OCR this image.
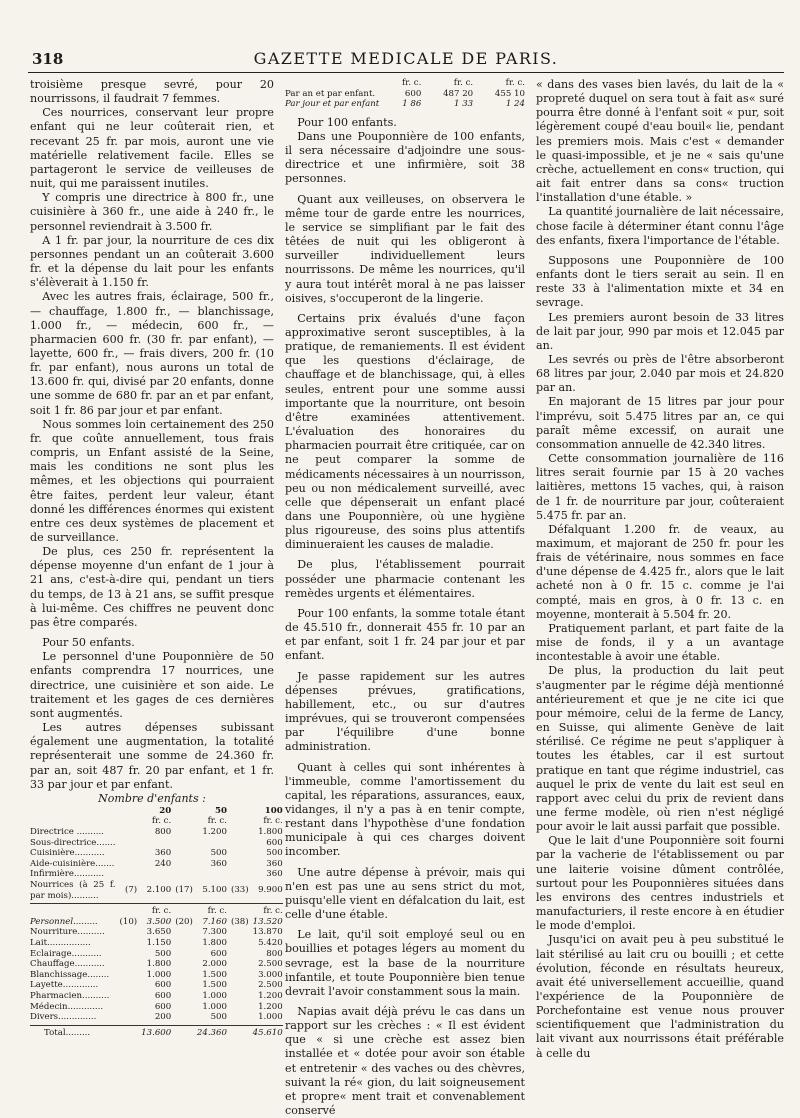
318	GAZETTE MEDICALE DE PARIS.

troisième presque sevré, pour 20 nourrissons, il faudrait 7 femmes.

Ces nourrices, conservant leur propre enfant qui ne leur coûterait rien, et recevant 25 fr. par mois, auront une vie matérielle relativement facile. Elles se partageront le service de veilleuses de nuit, qui me paraissent inutiles.

Y compris une directrice à 800 fr., une cuisinière à 360 fr., une aide à 240 fr., le personnel reviendrait à 3.500 fr.

A 1 fr. par jour, la nourriture de ces dix personnes pendant un an coûterait 3.600 fr. et la dépense du lait pour les enfants s'élèverait à 1.150 fr.

Avec les autres frais, éclairage, 500 fr., — chauffage, 1.800 fr., — blanchissage, 1.000 fr., — médecin, 600 fr., — pharmacien 600 fr. (30 fr. par enfant), — layette, 600 fr., — frais divers, 200 fr. (10 fr. par enfant), nous aurons un total de 13.600 fr. qui, divisé par 20 enfants, donne une somme de 680 fr. par an et par enfant, soit 1 fr. 86 par jour et par enfant.

Nous sommes loin certainement des 250 fr. que coûte annuellement, tous frais compris, un Enfant assisté de la Seine, mais les conditions ne sont plus les mêmes, et les objections qui pourraient être faites, perdent leur valeur, étant donné les différences énormes qui existent entre ces deux systèmes de placement et de surveillance.

De plus, ces 250 fr. représentent la dépense moyenne d'un enfant de 1 jour à 21 ans, c'est-à-dire qui, pendant un tiers du temps, de 13 à 21 ans, se suffit presque à lui-même. Ces chiffres ne peuvent donc pas être comparés.

Pour 50 enfants.

Le personnel d'une Pouponnière de 50 enfants comprendra 17 nourrices, une directrice, une cuisinière et son aide. Le traitement et les gages de ces dernières sont augmentés.

Les autres dépenses subissant également une augmentation, la totalité représenterait une somme de 24.360 fr. par an, soit 487 fr. 20 par enfant, et 1 fr. 33 par jour et par enfant.

Nombre d'enfants :
		20		50		100
		fr. c.		fr. c.		fr. c.
Directrice ..........		800		1.200		1.800
Sous-directrice.......						600
Cuisinière...........		360		500		500
Aide-cuisinière.......		240		360		360
Infirmière...........						360
Nourrices (à 25 f. par mois)..........	(7)	2.100	(17)	5.100	(33)	9.900

		fr. c.		fr. c.		fr. c.
Personnel.........	(10)	3.500	(20)	7.160	(38)	13.520
Nourriture..........		3.650		7.300		13.870
Lait................		1.150		1.800		5.420
Eclairage...........		500		600		800
Chauffage...........		1.800		2.000		2.500
Blanchissage........		1.000		1.500		3.000
Layette.............		600		1.500		2.500
Pharmacien..........		600		1.000		1.200
Médecin.............		600		1.000		1.200
Divers..............		200		500		1.000

Total.........		13.600		24.360		45.610
	fr. c.	fr. c.	fr. c.
Par an et par enfant.	600	487 20	455 10
Par jour et par enfant	1 86	1 33	1 24

Pour 100 enfants.

Dans une Pouponnière de 100 enfants, il sera nécessaire d'adjoindre une sous-directrice et une infirmière, soit 38 personnes.

Quant aux veilleuses, on observera le même tour de garde entre les nourrices, le service se simplifiant par le fait des têtées de nuit qui les obligeront à surveiller individuellement leurs nourrissons. De même les nourrices, qu'il y aura tout intérêt moral à ne pas laisser oisives, s'occuperont de la lingerie.

Certains prix évalués d'une façon approximative seront susceptibles, à la pratique, de remaniements. Il est évident que les questions d'éclairage, de chauffage et de blanchissage, qui, à elles seules, entrent pour une somme aussi importante que la nourriture, ont besoin d'être examinées attentivement. L'évaluation des honoraires du pharmacien pourrait être critiquée, car on ne peut comparer la somme de médicaments nécessaires à un nourrisson, peu ou non médicalement surveillé, avec celle que dépenserait un enfant placé dans une Pouponnière, où une hygiène plus rigoureuse, des soins plus attentifs diminueraient les causes de maladie.

De plus, l'établissement pourrait posséder une pharmacie contenant les remèdes urgents et élémentaires.

Pour 100 enfants, la somme totale étant de 45.510 fr., donnerait 455 fr. 10 par an et par enfant, soit 1 fr. 24 par jour et par enfant.

Je passe rapidement sur les autres dépenses prévues, gratifications, habillement, etc., ou sur d'autres imprévues, qui se trouveront compensées par l'équilibre d'une bonne administration.

Quant à celles qui sont inhérentes à l'immeuble, comme l'amortissement du capital, les réparations, assurances, eaux, vidanges, il n'y a pas à en tenir compte, restant dans l'hypothèse d'une fondation municipale à qui ces charges doivent incomber.

Une autre dépense à prévoir, mais qui n'en est pas une au sens strict du mot, puisqu'elle vient en défalcation du lait, est celle d'une étable.

Le lait, qu'il soit employé seul ou en bouillies et potages légers au moment du sevrage, est la base de la nourriture infantile, et toute Pouponnière bien tenue devrait l'avoir constamment sous la main.

Napias avait déjà prévu le cas dans un rapport sur les crèches : « Il est évident que « si une crèche est assez bien installée et « dotée pour avoir son étable et entretenir « des vaches ou des chèvres, suivant la ré« gion, du lait soigneusement et propre« ment trait et convenablement conservé

« dans des vases bien lavés, du lait de la « propreté duquel on sera tout à fait as« suré pourra être donné à l'enfant soit « pur, soit légèrement coupé d'eau bouil« lie, pendant les premiers mois. Mais c'est « demander le quasi-impossible, et je ne « sais qu'une crèche, actuellement en cons« truction, qui ait fait entrer dans sa cons« truction l'installation d'une étable. »

La quantité journalière de lait nécessaire, chose facile à déterminer étant connu l'âge des enfants, fixera l'importance de l'étable.

Supposons une Pouponnière de 100 enfants dont le tiers serait au sein. Il en reste 33 à l'alimentation mixte et 34 en sevrage.

Les premiers auront besoin de 33 litres de lait par jour, 990 par mois et 12.045 par an.

Les sevrés ou près de l'être absorberont 68 litres par jour, 2.040 par mois et 24.820 par an.

En majorant de 15 litres par jour pour l'imprévu, soit 5.475 litres par an, ce qui paraît même excessif, on aurait une consommation annuelle de 42.340 litres.

Cette consommation journalière de 116 litres serait fournie par 15 à 20 vaches laitières, mettons 15 vaches, qui, à raison de 1 fr. de nourriture par jour, coûteraient 5.475 fr. par an.

Défalquant 1.200 fr. de veaux, au maximum, et majorant de 250 fr. pour les frais de vétérinaire, nous sommes en face d'une dépense de 4.425 fr., alors que le lait acheté non à 0 fr. 15 c. comme je l'ai compté, mais en gros, à 0 fr. 13 c. en moyenne, monterait à 5.504 fr. 20.

Pratiquement parlant, et part faite de la mise de fonds, il y a un avantage incontestable à avoir une étable.

De plus, la production du lait peut s'augmenter par le régime déjà mentionné antérieurement et que je ne cite ici que pour mémoire, celui de la ferme de Lancy, en Suisse, qui alimente Genève de lait stérilisé. Ce régime ne peut s'appliquer à toutes les étables, car il est surtout pratique en tant que régime industriel, cas auquel le prix de vente du lait est seul en rapport avec celui du prix de revient dans une ferme modèle, où rien n'est négligé pour avoir le lait aussi parfait que possible.

Que le lait d'une Pouponnière soit fourni par la vacherie de l'établissement ou par une laiterie voisine dûment contrôlée, surtout pour les Pouponnières situées dans les environs des centres industriels et manufacturiers, il reste encore à en étudier le mode d'emploi.

Jusqu'ici on avait peu à peu substitué le lait stérilisé au lait cru ou bouilli ; et cette évolution, féconde en résultats heureux, avait été universellement accueillie, quand l'expérience de la Pouponnière de Porchefontaine est venue nous prouver scientifiquement que l'administration du lait vivant aux nourrissons était préférable à celle du
